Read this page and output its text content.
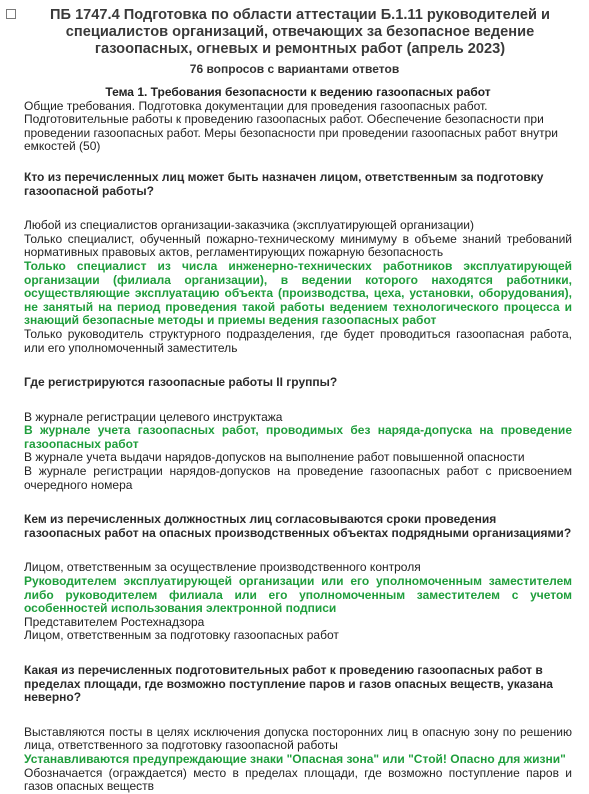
ПБ 1747.4 Подготовка по области аттестации Б.1.11 руководителей и специалистов организаций, отвечающих за безопасное ведение газоопасных, огневых и ремонтных работ (апрель 2023)
76 вопросов с вариантами ответов
Тема 1. Требования безопасности к ведению газоопасных работ
Общие требования. Подготовка документации для проведения газоопасных работ. Подготовительные работы к проведению газоопасных работ. Обеспечение безопасности при проведении газоопасных работ. Меры безопасности при проведении газоопасных работ внутри емкостей (50)
Кто из перечисленных лиц может быть назначен лицом, ответственным за подготовку газоопасной работы?
Любой из специалистов организации-заказчика (эксплуатирующей организации)
Только специалист, обученный пожарно-техническому минимуму в объеме знаний требований нормативных правовых актов, регламентирующих пожарную безопасность
Только специалист из числа инженерно-технических работников эксплуатирующей организации (филиала организации), в ведении которого находятся работники, осуществляющие эксплуатацию объекта (производства, цеха, установки, оборудования), не занятый на период проведения такой работы ведением технологического процесса и знающий безопасные методы и приемы ведения газоопасных работ
Только руководитель структурного подразделения, где будет проводиться газоопасная работа, или его уполномоченный заместитель
Где регистрируются газоопасные работы II группы?
В журнале регистрации целевого инструктажа
В журнале учета газоопасных работ, проводимых без наряда-допуска на проведение газоопасных работ
В журнале учета выдачи нарядов-допусков на выполнение работ повышенной опасности
В журнале регистрации нарядов-допусков на проведение газоопасных работ с присвоением очередного номера
Кем из перечисленных должностных лиц согласовываются сроки проведения газоопасных работ на опасных производственных объектах подрядными организациями?
Лицом, ответственным за осуществление производственного контроля
Руководителем эксплуатирующей организации или его уполномоченным заместителем либо руководителем филиала или его уполномоченным заместителем с учетом особенностей использования электронной подписи
Представителем Ростехнадзора
Лицом, ответственным за подготовку газоопасных работ
Какая из перечисленных подготовительных работ к проведению газоопасных работ в пределах площади, где возможно поступление паров и газов опасных веществ, указана неверно?
Выставляются посты в целях исключения допуска посторонних лиц в опасную зону по решению лица, ответственного за подготовку газоопасной работы
Устанавливаются предупреждающие знаки "Опасная зона" или "Стой! Опасно для жизни"
Обозначается (ограждается) место в пределах площади, где возможно поступление паров и газов опасных веществ
